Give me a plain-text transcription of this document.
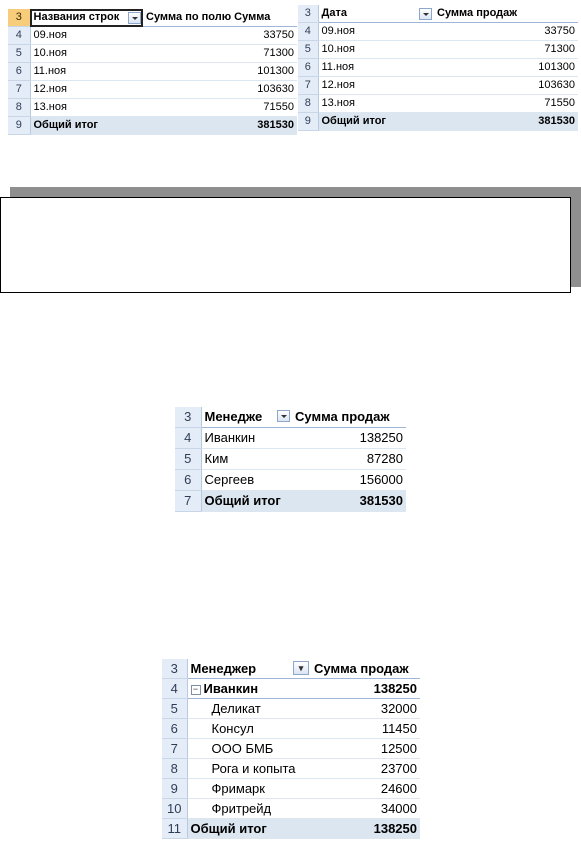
3	Названия строк	Сумма по полю Сумма
4	09.ноя	33750
5	10.ноя	71300
6	11.ноя	101300
7	12.ноя	103630
8	13.ноя	71550
9	Общий итог	381530
3	Дата	Сумма продаж
4	09.ноя	33750
5	10.ноя	71300
6	11.ноя	101300
7	12.ноя	103630
8	13.ноя	71550
9	Общий итог	381530
3	Менедже	Сумма продаж
4	Иванкин	138250
5	Ким	87280
6	Сергеев	156000
7	Общий итог	381530
3	Менеджер ▾	Сумма продаж
4	− Иванкин	138250
5	Деликат	32000
6	Консул	11450
7	ООО БМБ	12500
8	Рога и копыта	23700
9	Фримарк	24600
10	Фритрейд	34000
11	Общий итог	138250
